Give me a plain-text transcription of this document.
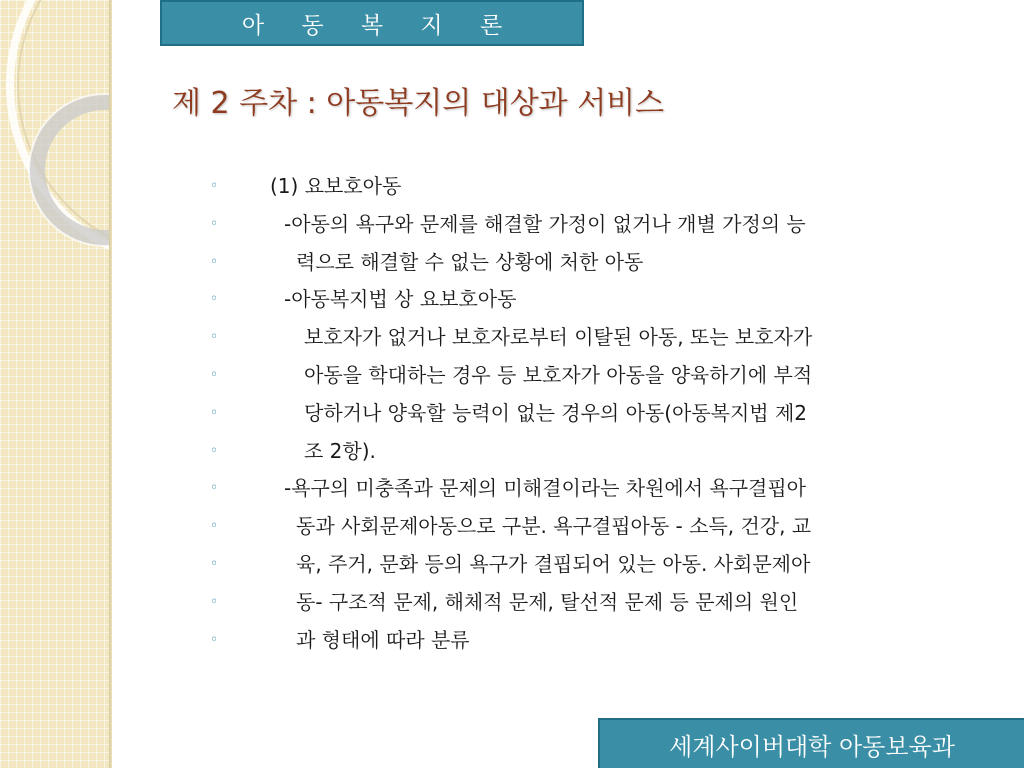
아 동 복 지 론
제 2 주차 : 아동복지의 대상과 서비스
◦	(1) 요보호아동
◦	-아동의 욕구와 문제를 해결할 가정이 없거나 개별 가정의 능
◦	력으로 해결할 수 없는 상황에 처한 아동
◦	-아동복지법 상 요보호아동
◦	보호자가 없거나 보호자로부터 이탈된 아동, 또는 보호자가
◦	아동을 학대하는 경우 등 보호자가 아동을 양육하기에 부적
◦	당하거나 양육할 능력이 없는 경우의 아동(아동복지법 제2
◦	조 2항).
◦	-욕구의 미충족과 문제의 미해결이라는 차원에서 욕구결핍아
◦	동과 사회문제아동으로 구분. 욕구결핍아동 - 소득, 건강, 교
◦	육, 주거, 문화 등의 욕구가 결핍되어 있는 아동. 사회문제아
◦	동- 구조적 문제, 해체적 문제, 탈선적 문제 등 문제의 원인
◦	과 형태에 따라 분류
세계사이버대학 아동보육과
